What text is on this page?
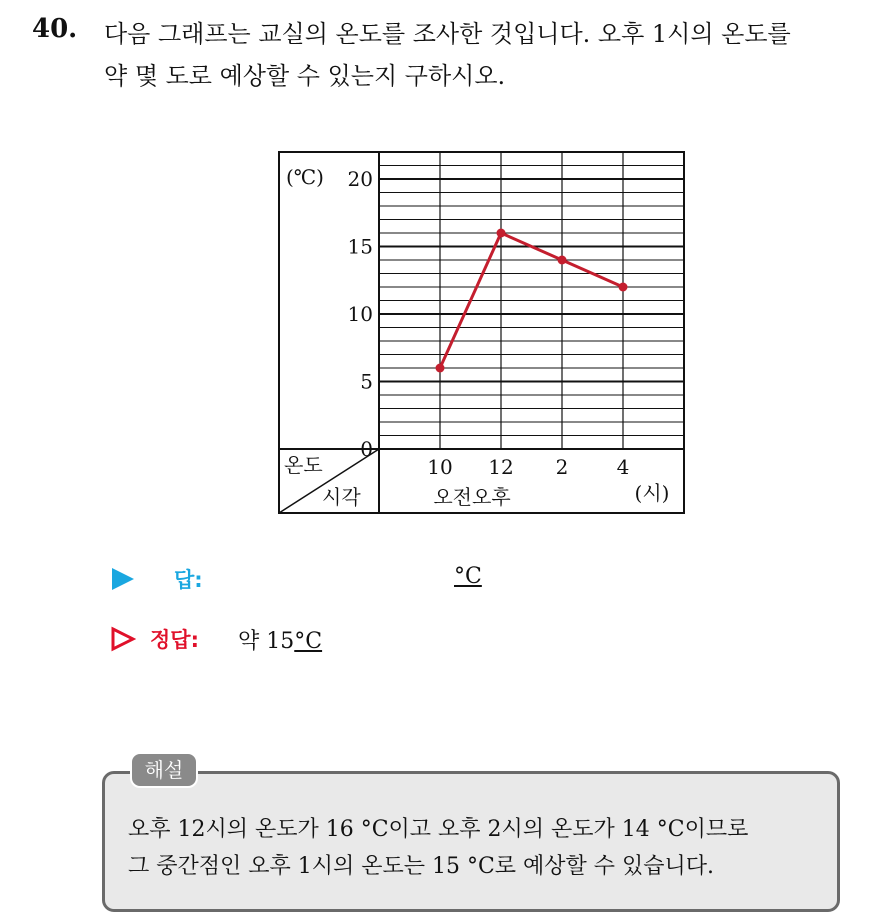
40. 다음 그래프는 교실의 온도를 조사한 것입니다. 오후 1시의 온도를
약 몇 도로 예상할 수 있는지 구하시오.
(℃)
온도
시각	오전오후	(시)
0
5
10
15
20
10 12 2 4
답:	°C
정답: 약 15°C
해설
오후 12시의 온도가 16 °C이고 오후 2시의 온도가 14 °C이므로
그 중간점인 오후 1시의 온도는 15 °C로 예상할 수 있습니다.
